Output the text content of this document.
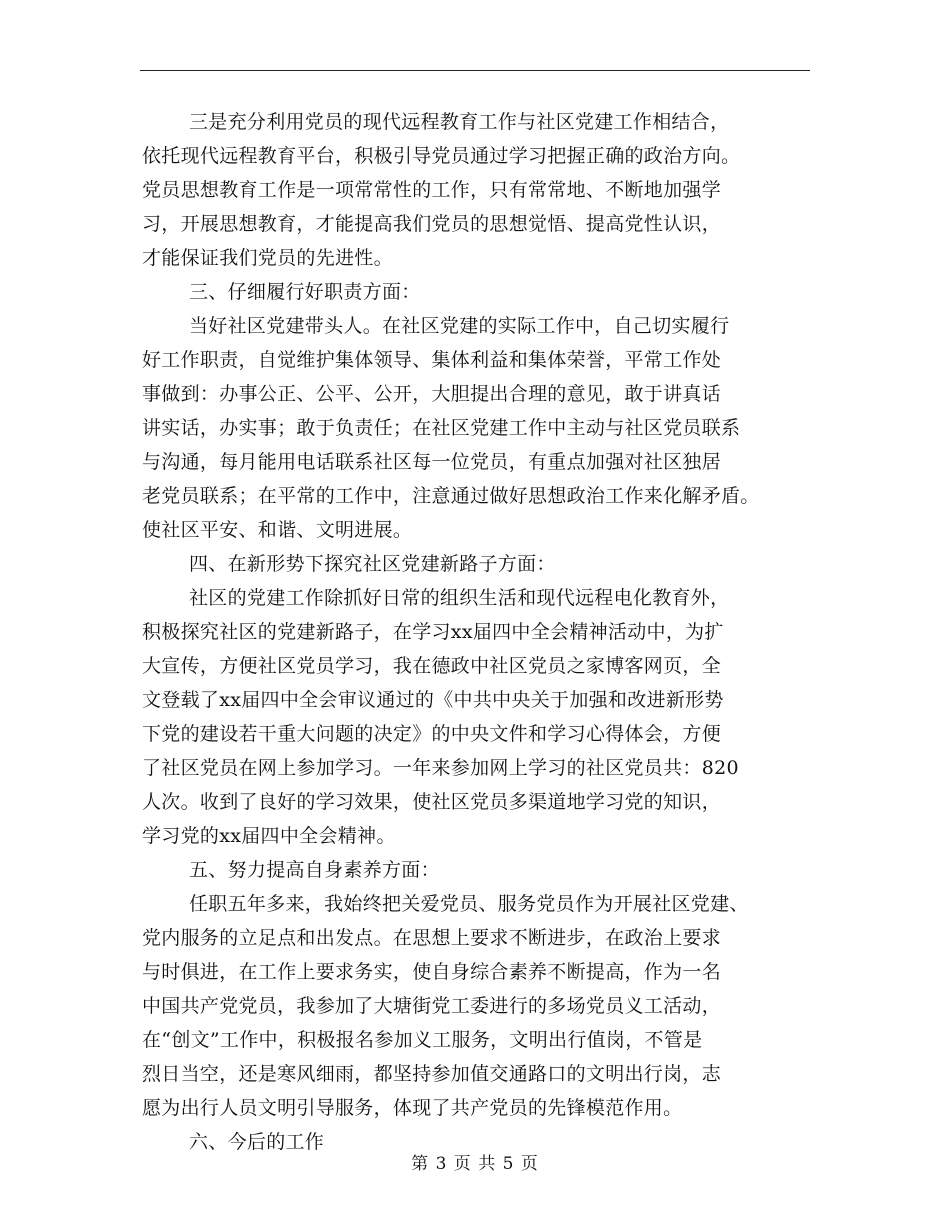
三是充分利用党员的现代远程教育工作与社区党建工作相结合，
依托现代远程教育平台，积极引导党员通过学习把握正确的政治方向。
党员思想教育工作是一项常常性的工作，只有常常地、不断地加强学
习，开展思想教育，才能提高我们党员的思想觉悟、提高党性认识，
才能保证我们党员的先进性。
三、仔细履行好职责方面：
当好社区党建带头人。在社区党建的实际工作中，自己切实履行
好工作职责，自觉维护集体领导、集体利益和集体荣誉，平常工作处
事做到：办事公正、公平、公开，大胆提出合理的意见，敢于讲真话
讲实话，办实事；敢于负责任；在社区党建工作中主动与社区党员联系
与沟通，每月能用电话联系社区每一位党员，有重点加强对社区独居
老党员联系；在平常的工作中，注意通过做好思想政治工作来化解矛盾。
使社区平安、和谐、文明进展。
四、在新形势下探究社区党建新路子方面：
社区的党建工作除抓好日常的组织生活和现代远程电化教育外，
积极探究社区的党建新路子，在学习xx届四中全会精神活动中，为扩
大宣传，方便社区党员学习，我在德政中社区党员之家博客网页，全
文登载了xx届四中全会审议通过的《中共中央关于加强和改进新形势
下党的建设若干重大问题的决定》的中央文件和学习心得体会，方便
了社区党员在网上参加学习。一年来参加网上学习的社区党员共：820
人次。收到了良好的学习效果，使社区党员多渠道地学习党的知识，
学习党的xx届四中全会精神。
五、努力提高自身素养方面：
任职五年多来，我始终把关爱党员、服务党员作为开展社区党建、
党内服务的立足点和出发点。在思想上要求不断进步，在政治上要求
与时俱进，在工作上要求务实，使自身综合素养不断提高，作为一名
中国共产党党员，我参加了大塘街党工委进行的多场党员义工活动，
在“创文”工作中，积极报名参加义工服务，文明出行值岗，不管是
烈日当空，还是寒风细雨，都坚持参加值交通路口的文明出行岗，志
愿为出行人员文明引导服务，体现了共产党员的先锋模范作用。
六、今后的工作
第 3 页 共 5 页
